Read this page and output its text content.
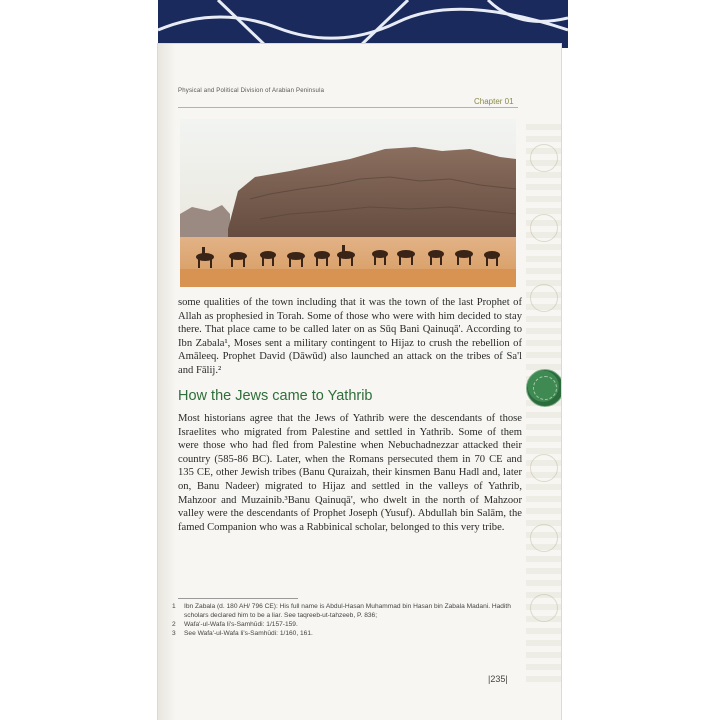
Physical and Political Division of Arabian Peninsula
Chapter 01

some qualities of the town including that it was the town of the last Prophet of Allah as prophesied in Torah. Some of those who were with him decided to stay there. That place came to be called later on as Sūq Bani Qainuqā'. According to Ibn Zabala¹, Moses sent a military contingent to Hijaz to crush the rebellion of Amāleeq. Prophet David (Dāwūd) also launched an attack on the tribes of Sa'l and Fālij.²

How the Jews came to Yathrib

Most historians agree that the Jews of Yathrib were the descendants of those Israelites who migrated from Palestine and settled in Yathrib. Some of them were those who had fled from Palestine when Nebuchadnezzar attacked their country (585-86 BC). Later, when the Romans persecuted them in 70 CE and 135 CE, other Jewish tribes (Banu Quraizah, their kinsmen Banu Hadl and, later on, Banu Nadeer) migrated to Hijaz and settled in the valleys of Yathrib, Mahzoor and Muzainib.³Banu Qainuqā', who dwelt in the north of Mahzoor valley were the descendants of Prophet Joseph (Yusuf). Abdullah bin Salām, the famed Companion who was a Rabbinical scholar, belonged to this very tribe.

1	Ibn Zabala (d. 180 AH/ 796 CE): His full name is Abdul-Hasan Muhammad bin Hasan bin Zabala Madani. Hadith scholars declared him to be a liar. See taqreeb-ut-tahzeeb, P. 836;
2	Wafa'-ul-Wafa li's-Samhūdi: 1/157-159.
3	See Wafa'-ul-Wafa li's-Samhūdi: 1/160, 161.
|235|
